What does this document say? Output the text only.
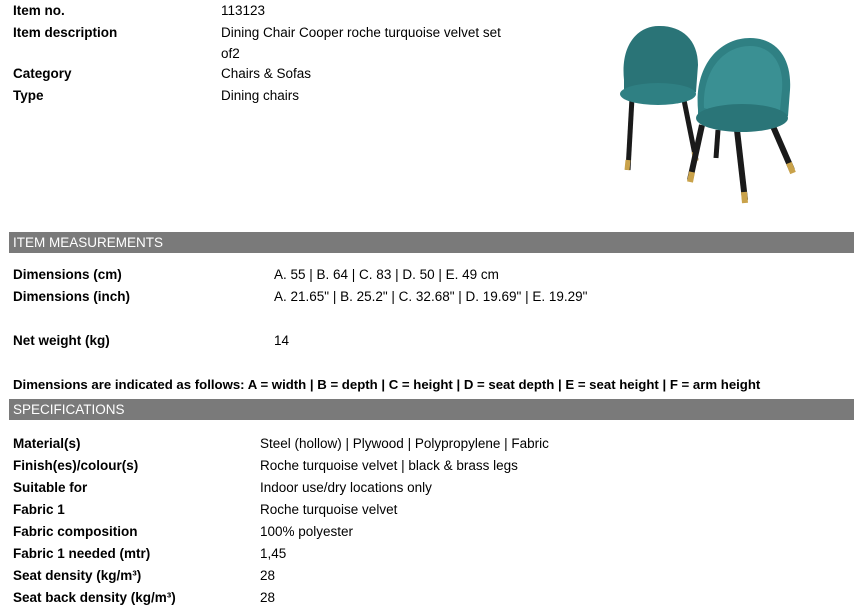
Item no.	113123
Item description	Dining Chair Cooper roche turquoise velvet set
of2
Category	Chairs & Sofas
Type	Dining chairs
ITEM MEASUREMENTS
Dimensions (cm)	A. 55 | B. 64 | C. 83 | D. 50 | E. 49 cm
Dimensions (inch)	A. 21.65" | B. 25.2" | C. 32.68" | D. 19.69" | E. 19.29"
Net weight (kg)	14
Dimensions are indicated as follows: A = width | B = depth | C = height | D = seat depth | E = seat height | F = arm height
SPECIFICATIONS
Material(s)	Steel (hollow) | Plywood | Polypropylene | Fabric
Finish(es)/colour(s)	Roche turquoise velvet | black & brass legs
Suitable for	Indoor use/dry locations only
Fabric 1	Roche turquoise velvet
Fabric composition	100% polyester
Fabric 1 needed (mtr)	1,45
Seat density (kg/m³)	28
Seat back density (kg/m³)	28
